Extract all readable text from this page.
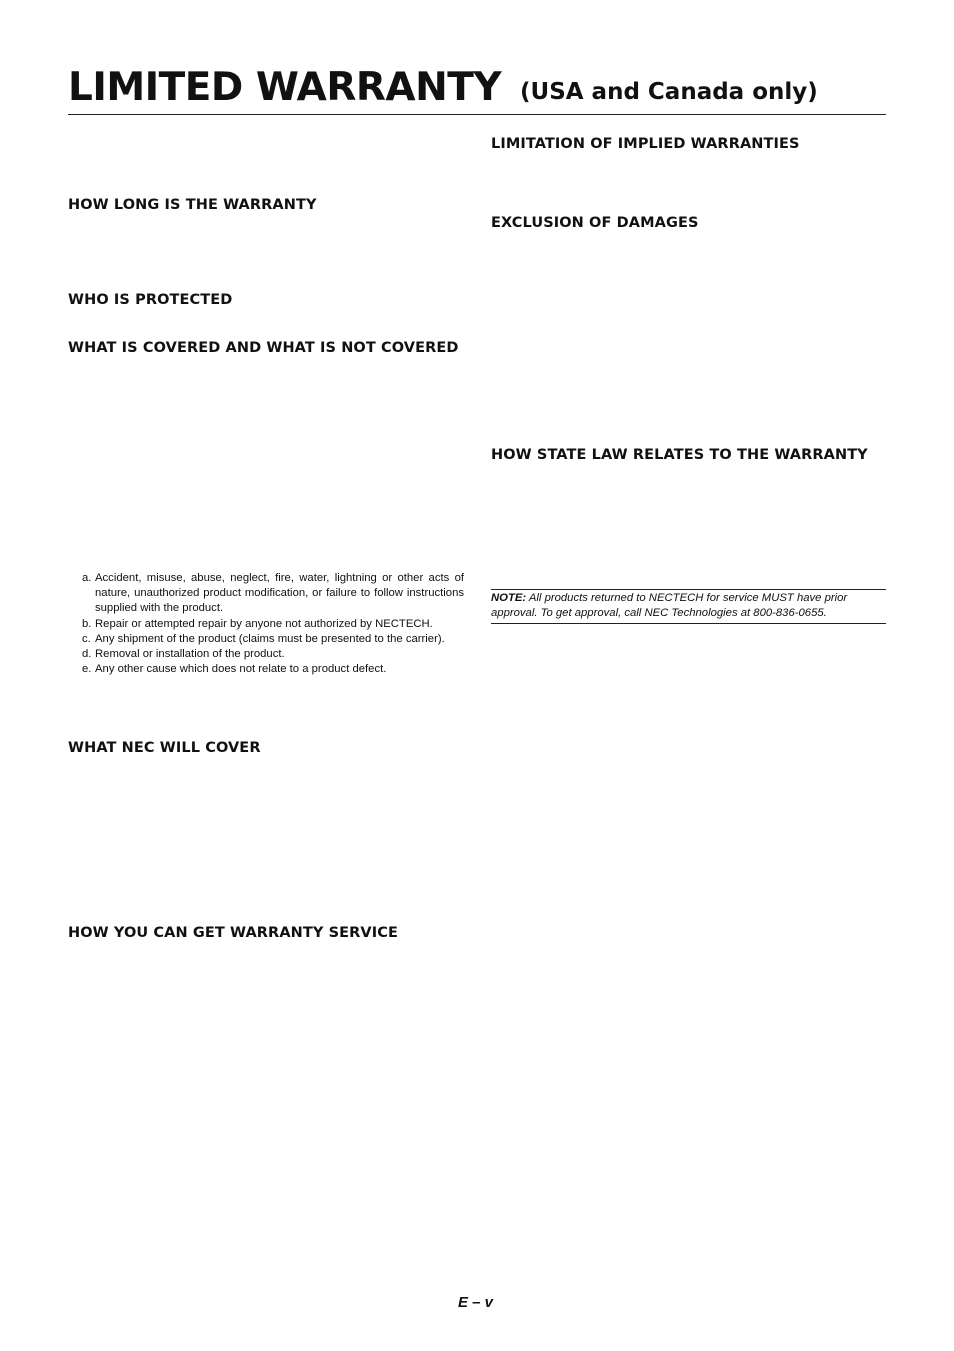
LIMITED WARRANTY (USA and Canada only)
HOW LONG IS THE WARRANTY
WHO IS PROTECTED
WHAT IS COVERED AND WHAT IS NOT COVERED
a. Accident, misuse, abuse, neglect, fire, water, lightning or other acts of nature, unauthorized product modification, or failure to follow instructions supplied with the product.
b. Repair or attempted repair by anyone not authorized by NECTECH.
c. Any shipment of the product (claims must be presented to the carrier).
d. Removal or installation of the product.
e. Any other cause which does not relate to a product defect.
WHAT NEC WILL COVER
HOW YOU CAN GET WARRANTY SERVICE
LIMITATION OF IMPLIED WARRANTIES
EXCLUSION OF DAMAGES
HOW STATE LAW RELATES TO THE WARRANTY
NOTE: All products returned to NECTECH for service MUST have prior approval. To get approval, call NEC Technologies at 800-836-0655.
E – v
